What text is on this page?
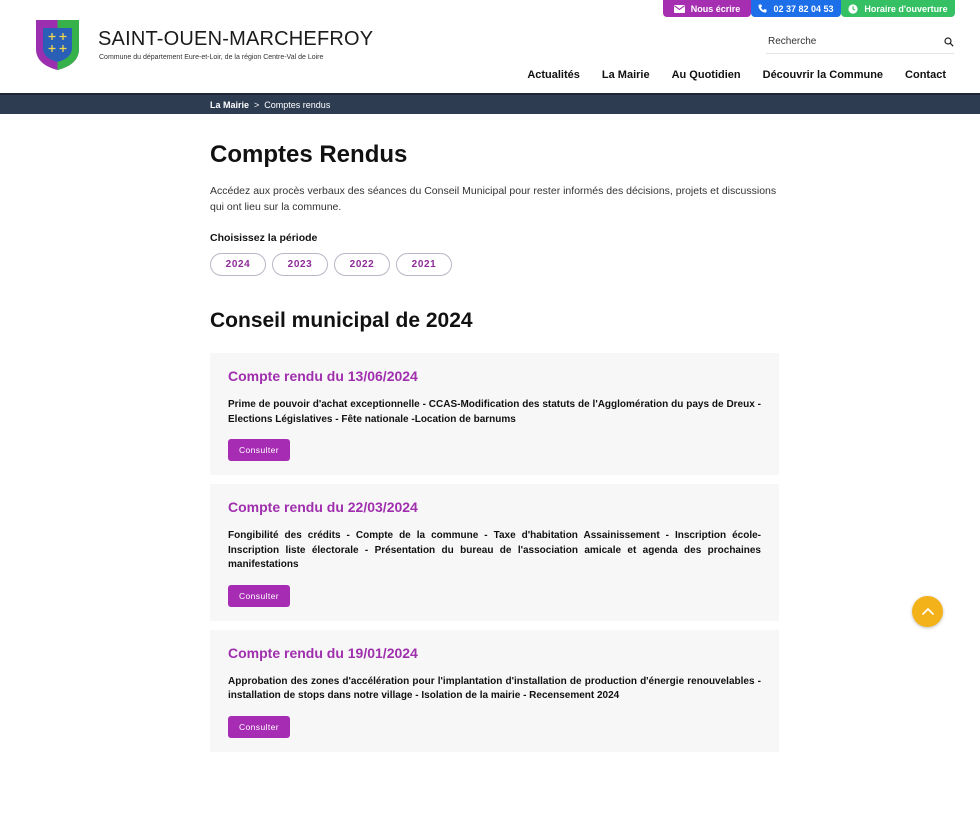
Nous écrire	02 37 82 04 53	Horaire d'ouverture
SAINT-OUEN-MARCHEFROY
Commune du département Eure-et-Loir, de la région Centre-Val de Loire
Recherche
Actualités La Mairie Au Quotidien Découvrir la Commune Contact
La Mairie > Comptes rendus
Comptes Rendus

Accédez aux procès verbaux des séances du Conseil Municipal pour rester informés des décisions, projets et discussions qui ont lieu sur la commune.

Choisissez la période
2024	2023	2022	2021
Conseil municipal de 2024
Compte rendu du 13/06/2024
Prime de pouvoir d'achat exceptionnelle - CCAS-Modification des statuts de l'Agglomération du pays de Dreux - Elections Législatives - Fête nationale -Location de barnums
Consulter
Compte rendu du 22/03/2024
Fongibilité des crédits - Compte de la commune - Taxe d'habitation Assainissement - Inscription école- Inscription liste électorale - Présentation du bureau de l'association amicale et agenda des prochaines manifestations
Consulter
Compte rendu du 19/01/2024
Approbation des zones d'accélération pour l'implantation d'installation de production d'énergie renouvelables - installation de stops dans notre village - Isolation de la mairie - Recensement 2024
Consulter
